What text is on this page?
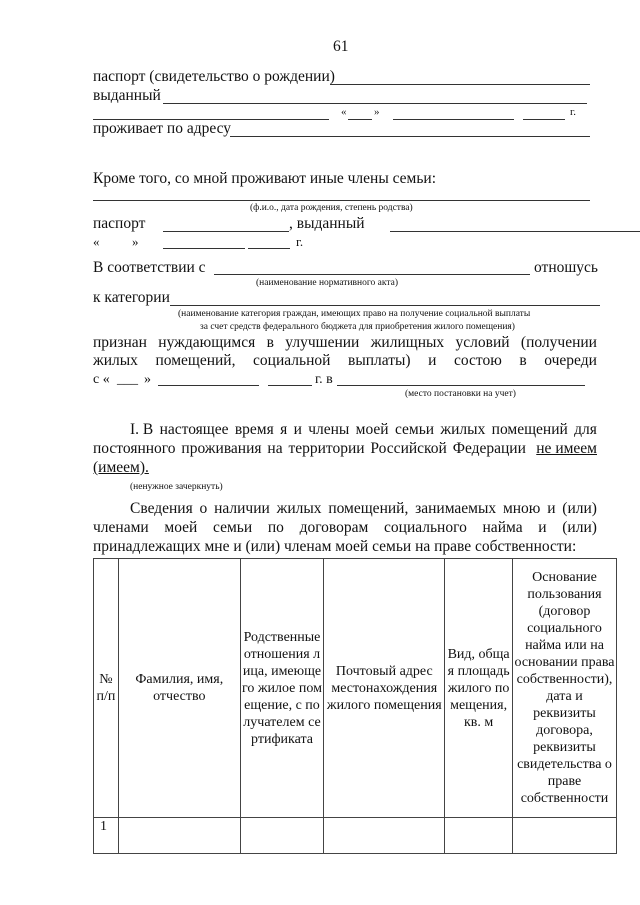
61
паспорт (свидетельство о рождении)
выданный
«	»	г.
проживает по адресу
Кроме того, со мной проживают иные члены семьи:
(ф.и.о., дата рождения, степень родства)
паспорт	, выданный
«	»	г.
В соответствии с	отношусь
(наименование нормативного акта)
к категории
(наименование категория граждан, имеющих право на получение социальной выплаты
за счет средств федерального бюджета для приобретения жилого помещения)
признан нуждающимся в улучшении жилищных условий (получении
жилых помещений, социальной выплаты) и состою в очереди
с « ___ »	г. в
(место постановки на учет)
I. В настоящее время я и члены моей семьи жилых помещений для
постоянного проживания на территории Российской Федерации не имеем
(имеем).
(ненужное зачеркнуть)
Сведения о наличии жилых помещений, занимаемых мною и (или)
членами моей семьи по договорам социального найма и (или)
принадлежащих мне и (или) членам моей семьи на праве собственности:
№ п/п	Фамилия, имя, отчество	Родственные отношения лица, имеющего жилое помещение, с получателем сертификата	Почтовый адрес местонахождения жилого помещения	Вид, общая площадь жилого помещения, кв. м	Основание пользования (договор социального найма или на основании права собственности), дата и реквизиты договора, реквизиты свидетельства о праве собственности
1					
